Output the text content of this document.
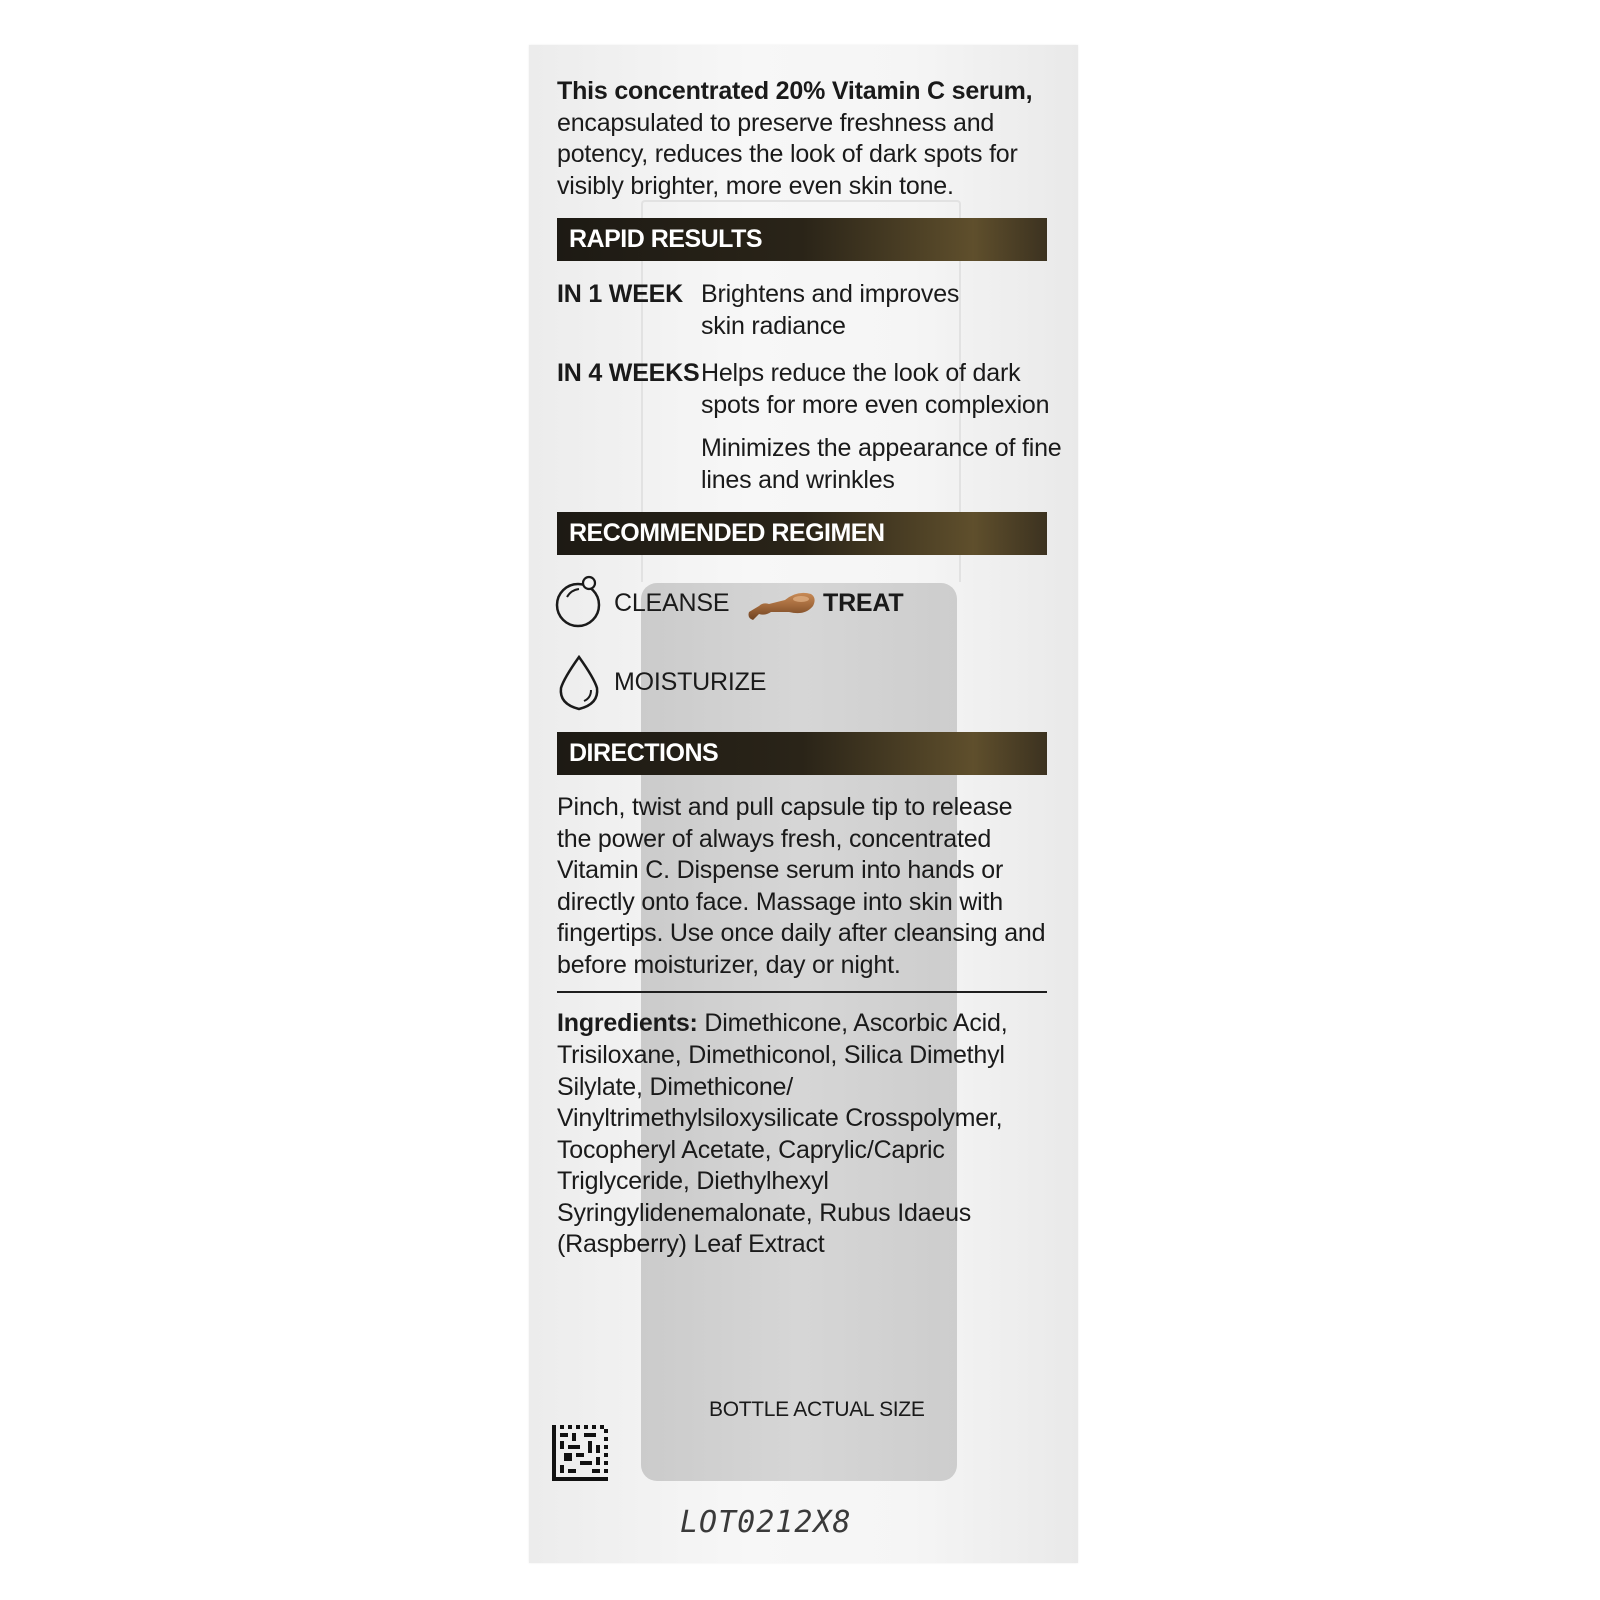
This concentrated 20% Vitamin C serum,
encapsulated to preserve freshness and
potency, reduces the look of dark spots for
visibly brighter, more even skin tone.
RAPID RESULTS
IN 1 WEEK Brightens and improves
skin radiance
IN 4 WEEKS Helps reduce the look of dark
spots for more even complexion
Minimizes the appearance of fine
lines and wrinkles
RECOMMENDED REGIMEN
CLEANSE	TREAT
MOISTURIZE
DIRECTIONS
Pinch, twist and pull capsule tip to release
the power of always fresh, concentrated
Vitamin C. Dispense serum into hands or
directly onto face. Massage into skin with
fingertips. Use once daily after cleansing and
before moisturizer, day or night.
Ingredients: Dimethicone, Ascorbic Acid,
Trisiloxane, Dimethiconol, Silica Dimethyl
Silylate, Dimethicone/
Vinyltrimethylsiloxysilicate Crosspolymer,
Tocopheryl Acetate, Caprylic/Capric
Triglyceride, Diethylhexyl
Syringylidenemalonate, Rubus Idaeus
(Raspberry) Leaf Extract
BOTTLE ACTUAL SIZE
LOT0212X8
